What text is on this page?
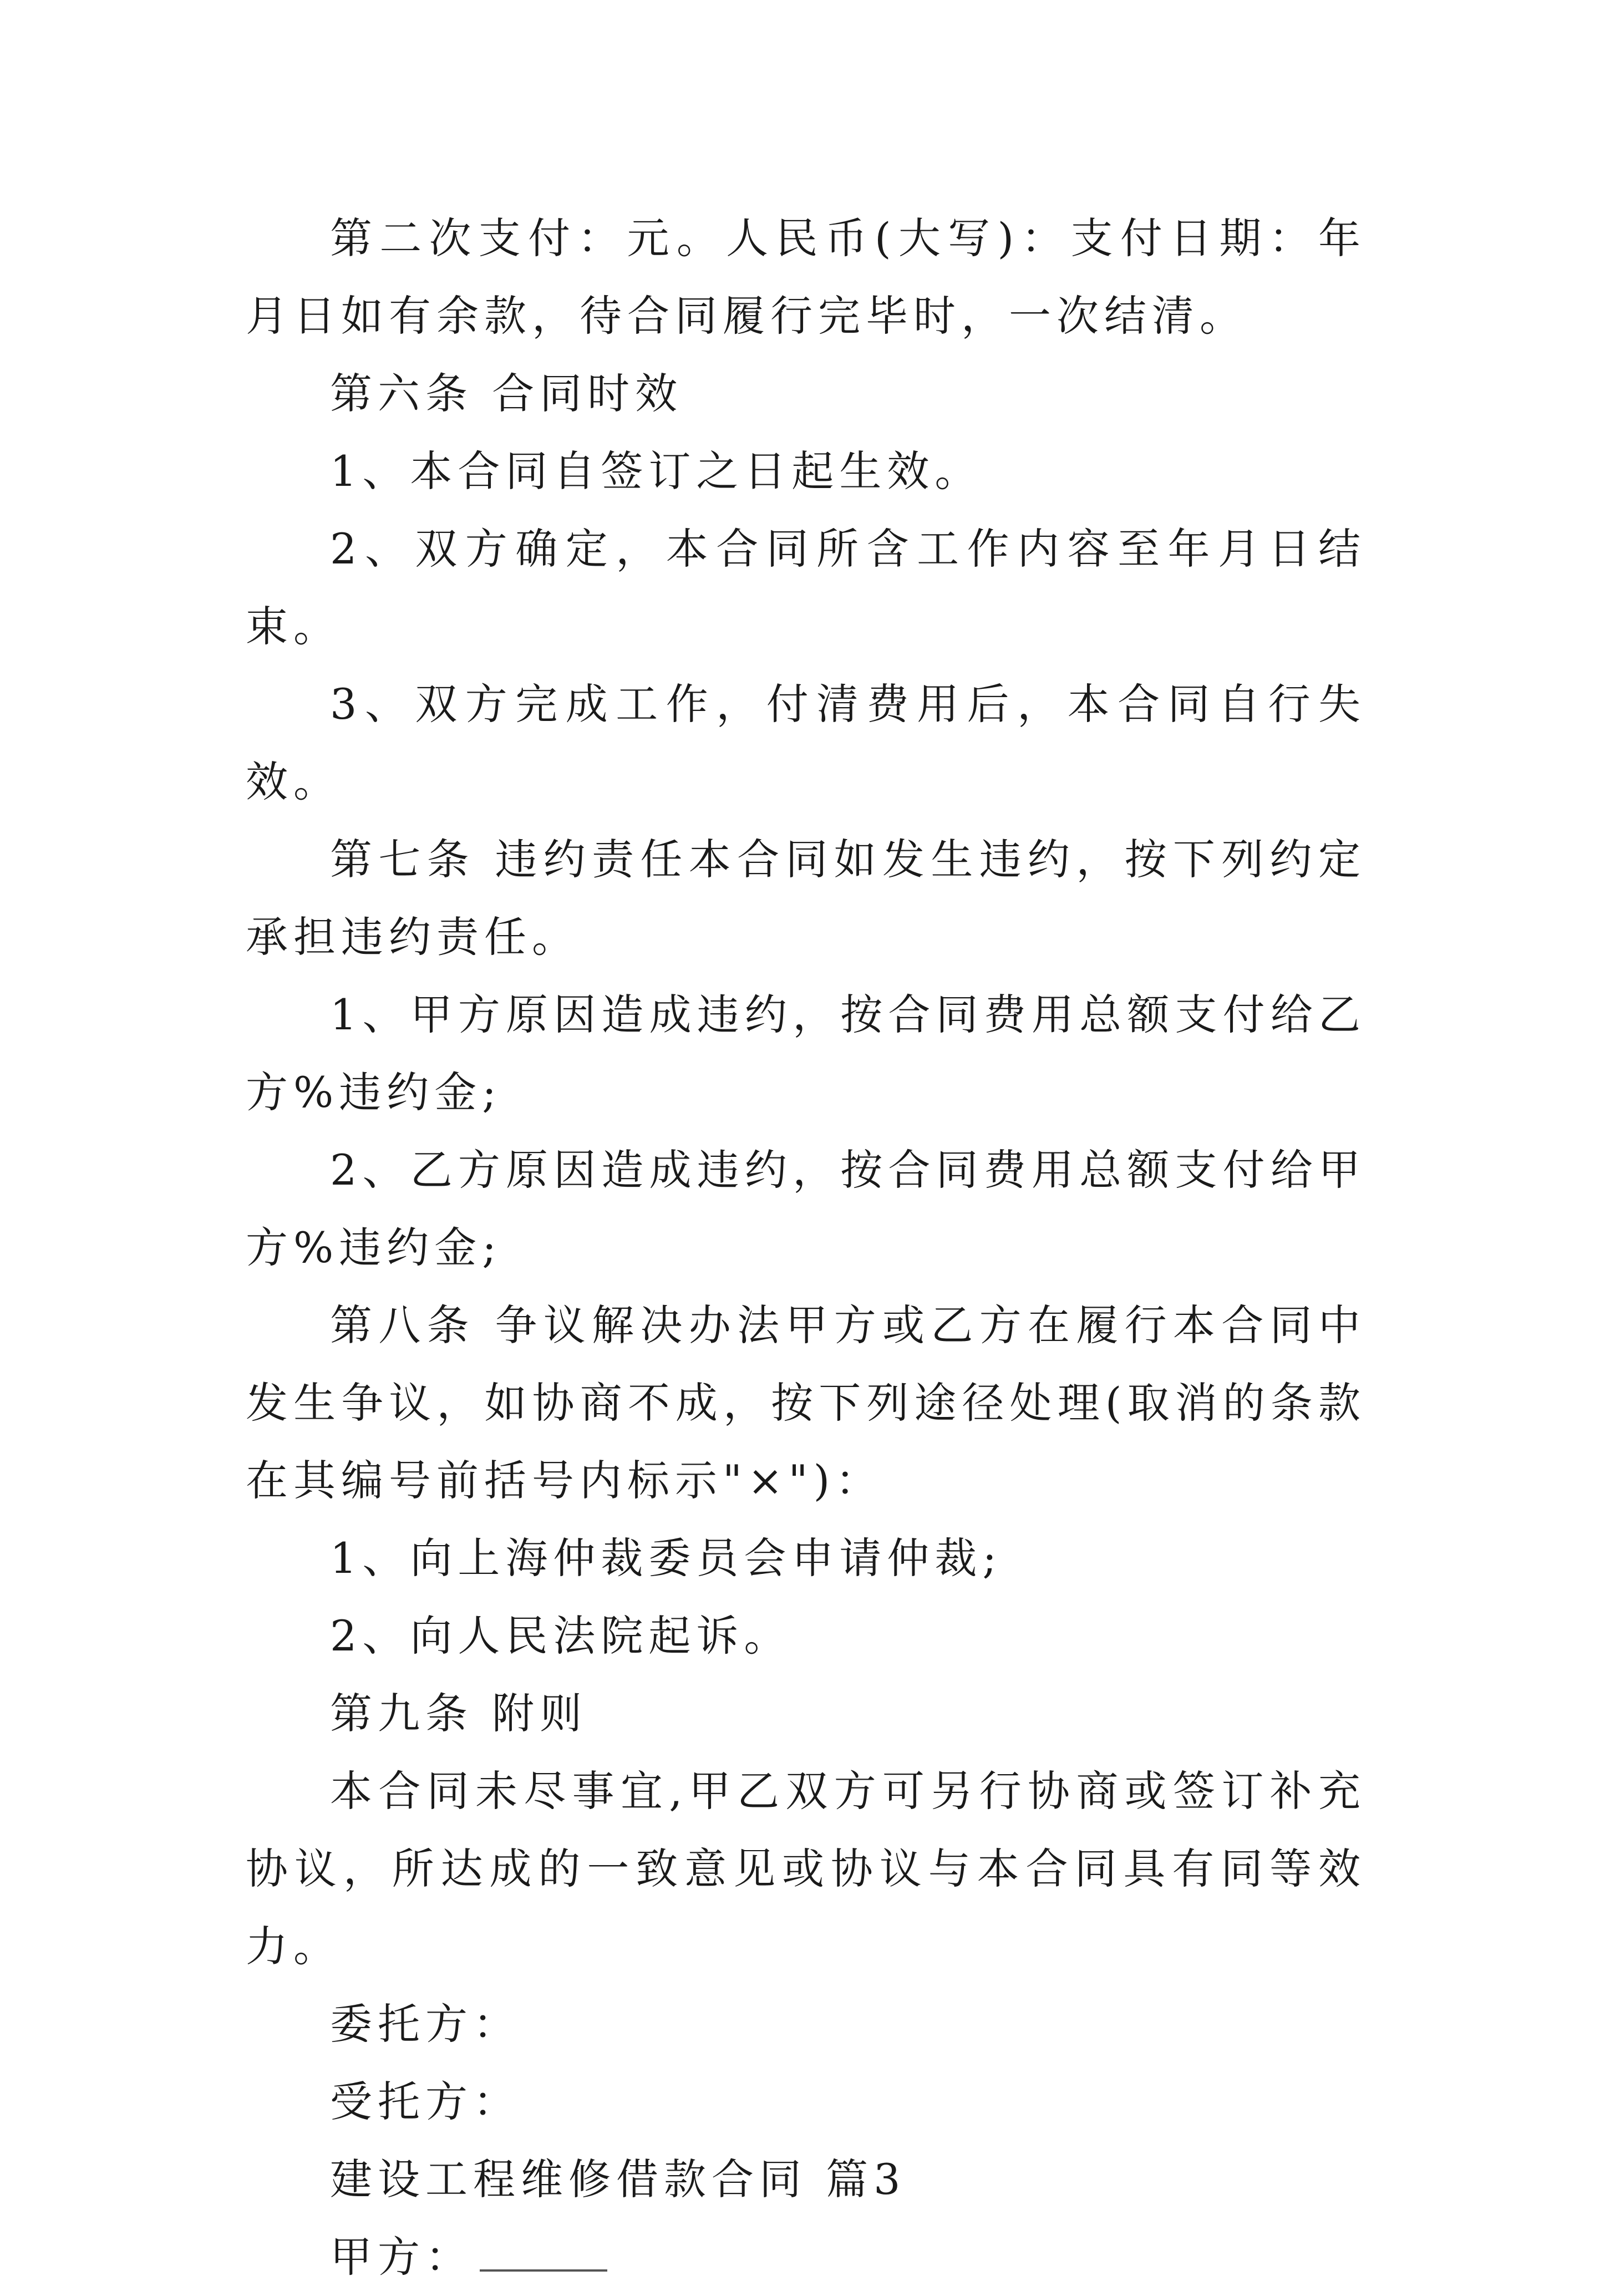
第二次支付：元。人民币(大写)：支付日期：年月日如有余款，待合同履行完毕时，一次结清。

第六条 合同时效

1、本合同自签订之日起生效。

2、双方确定，本合同所含工作内容至年月日结束。

3、双方完成工作，付清费用后，本合同自行失效。

第七条 违约责任本合同如发生违约，按下列约定承担违约责任。

1、甲方原因造成违约，按合同费用总额支付给乙方%违约金;

2、乙方原因造成违约，按合同费用总额支付给甲方%违约金;

第八条 争议解决办法甲方或乙方在履行本合同中发生争议，如协商不成，按下列途径处理(取消的条款在其编号前括号内标示"×")：

1、向上海仲裁委员会申请仲裁;

2、向人民法院起诉。

第九条 附则

本合同未尽事宜,甲乙双方可另行协商或签订补充协议，所达成的一致意见或协议与本合同具有同等效力。

委托方：

受托方：

建设工程维修借款合同 篇3

甲方：
